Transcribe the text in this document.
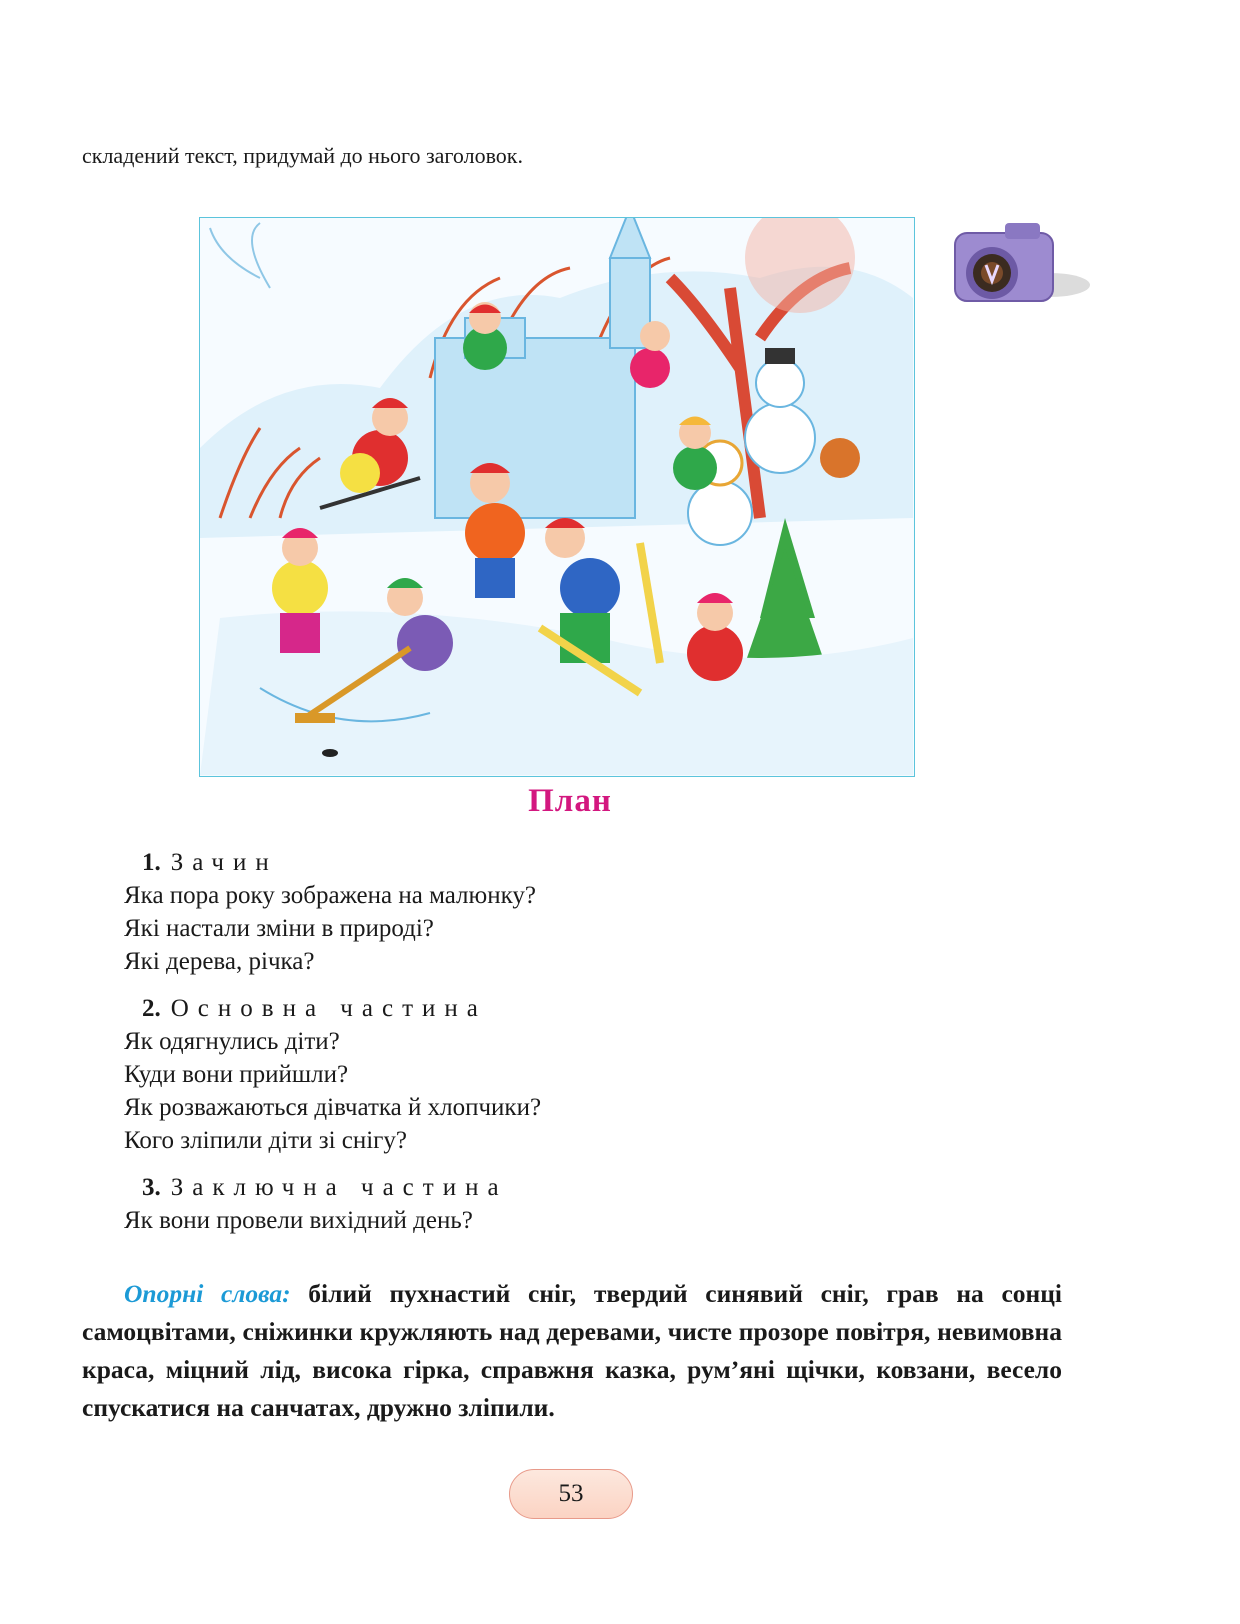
складений текст, придумай до нього заголовок.
План
1. Зачин
Яка пора року зображена на малюнку?
Які настали зміни в природі?
Які дерева, річка?
2. Основна частина
Як одягнулись діти?
Куди вони прийшли?
Як розважаються дівчатка й хлопчики?
Кого зліпили діти зі снігу?
3. Заключна частина
Як вони провели вихідний день?
Опорні слова: білий пухнастий сніг, твердий синявий сніг, грав на сонці самоцвітами, сніжинки кружляють над деревами, чисте прозоре повітря, невимовна краса, міцний лід, висока гірка, справжня казка, рум’яні щічки, ковзани, весело спускатися на санчатах, дружно зліпили.
53
